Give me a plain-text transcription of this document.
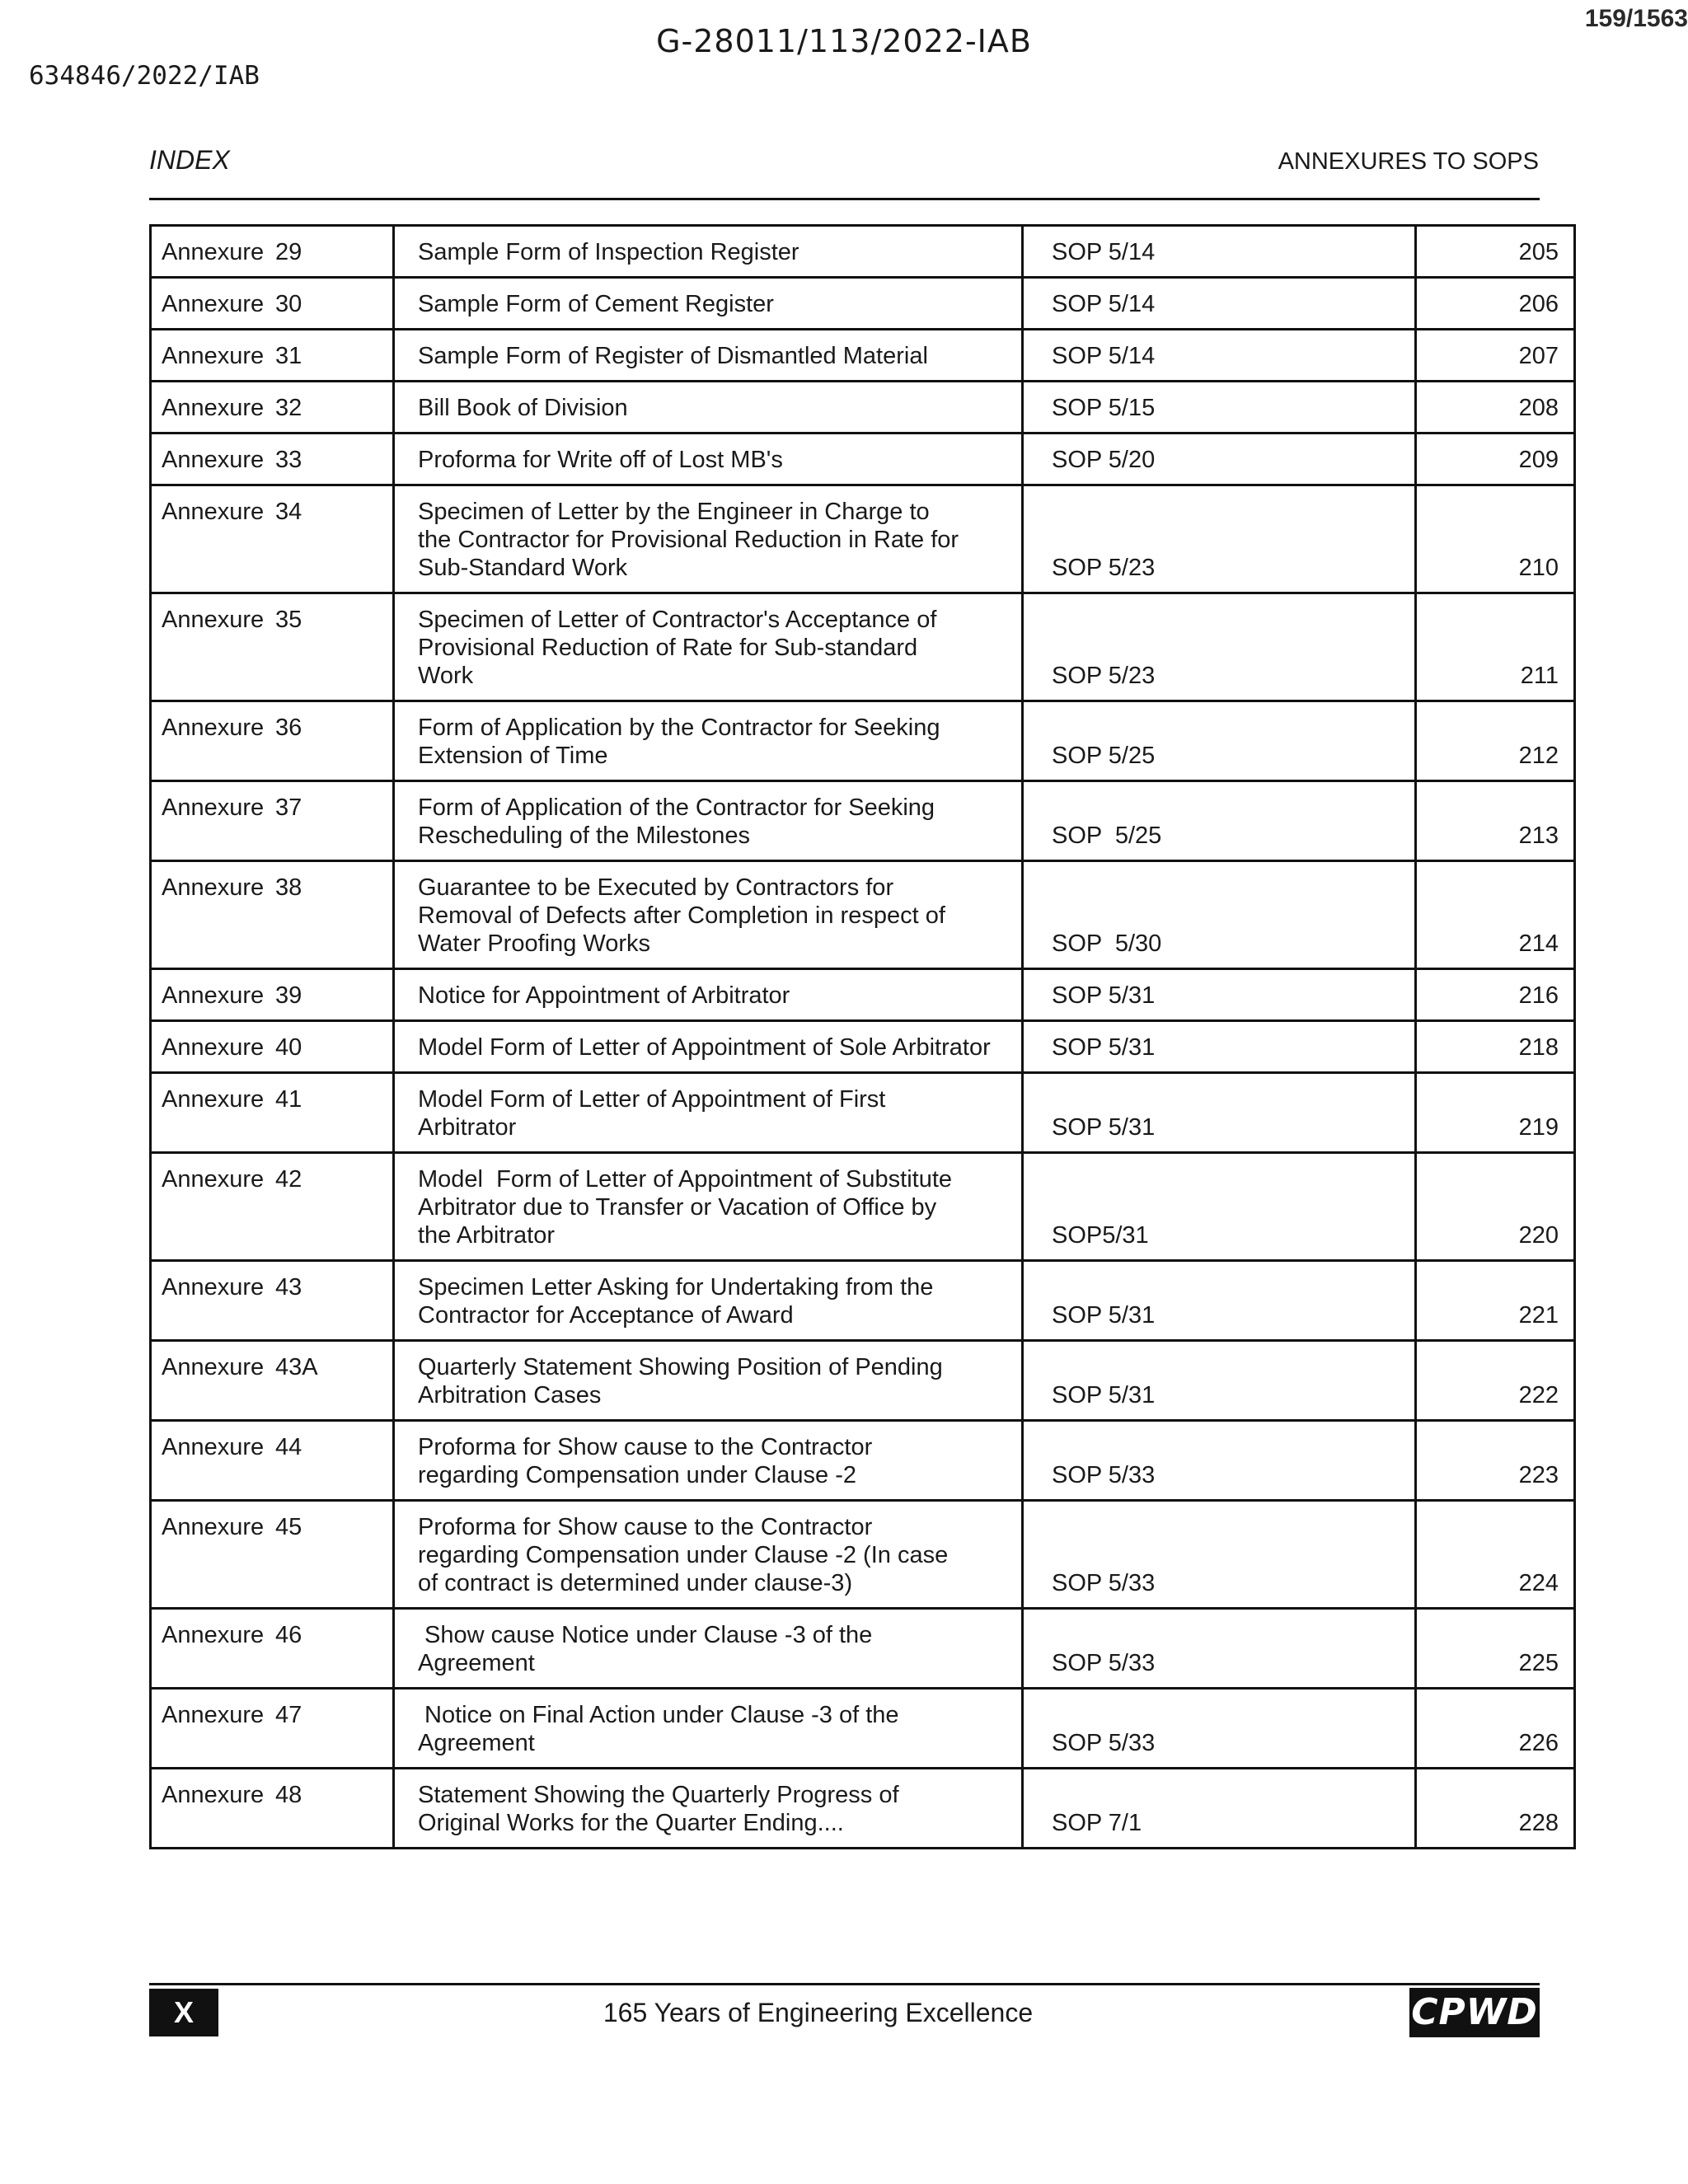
G-28011/113/2022-IAB
159/1563
634846/2022/IAB
INDEX	ANNEXURES TO SOPS
Annexure 29	Sample Form of Inspection Register	SOP 5/14	205
Annexure 30	Sample Form of Cement Register	SOP 5/14	206
Annexure 31	Sample Form of Register of Dismantled Material	SOP 5/14	207
Annexure 32	Bill Book of Division	SOP 5/15	208
Annexure 33	Proforma for Write off of Lost MB's	SOP 5/20	209
Annexure 34	Specimen of Letter by the Engineer in Charge to
the Contractor for Provisional Reduction in Rate for
Sub-Standard Work	SOP 5/23	210
Annexure 35	Specimen of Letter of Contractor's Acceptance of
Provisional Reduction of Rate for Sub-standard
Work	SOP 5/23	211
Annexure 36	Form of Application by the Contractor for Seeking
Extension of Time	SOP 5/25	212
Annexure 37	Form of Application of the Contractor for Seeking
Rescheduling of the Milestones	SOP  5/25	213
Annexure 38	Guarantee to be Executed by Contractors for
Removal of Defects after Completion in respect of
Water Proofing Works	SOP  5/30	214
Annexure 39	Notice for Appointment of Arbitrator	SOP 5/31	216
Annexure 40	Model Form of Letter of Appointment of Sole Arbitrator	SOP 5/31	218
Annexure 41	Model Form of Letter of Appointment of First
Arbitrator	SOP 5/31	219
Annexure 42	Model  Form of Letter of Appointment of Substitute
Arbitrator due to Transfer or Vacation of Office by
the Arbitrator	SOP5/31	220
Annexure 43	Specimen Letter Asking for Undertaking from the
Contractor for Acceptance of Award	SOP 5/31	221
Annexure 43A	Quarterly Statement Showing Position of Pending
Arbitration Cases	SOP 5/31	222
Annexure 44	Proforma for Show cause to the Contractor
regarding Compensation under Clause -2	SOP 5/33	223
Annexure 45	Proforma for Show cause to the Contractor
regarding Compensation under Clause -2 (In case
of contract is determined under clause-3)	SOP 5/33	224
Annexure 46	Show cause Notice under Clause -3 of the
Agreement	SOP 5/33	225
Annexure 47	Notice on Final Action under Clause -3 of the
Agreement	SOP 5/33	226
Annexure 48	Statement Showing the Quarterly Progress of
Original Works for the Quarter Ending....	SOP 7/1	228
X	165 Years of Engineering Excellence	CPWD
